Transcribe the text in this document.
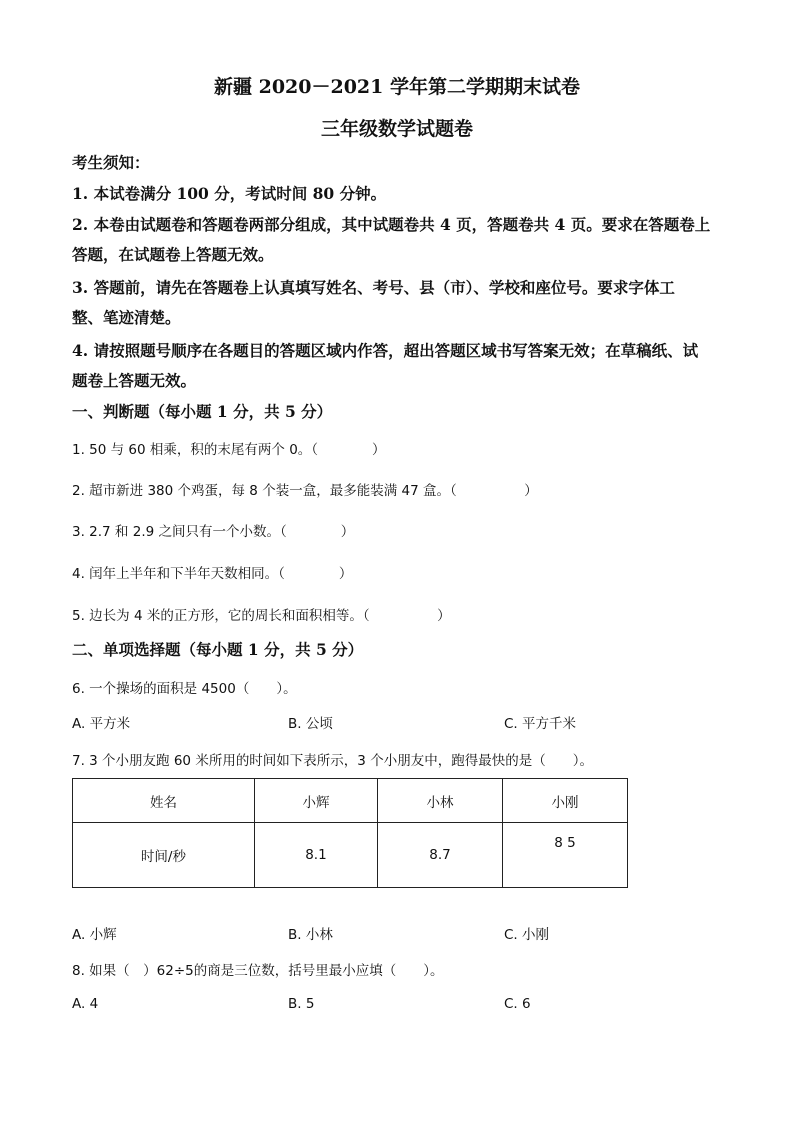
新疆 2020－2021 学年第二学期期末试卷
三年级数学试题卷
考生须知：
1. 本试卷满分 100 分，考试时间 80 分钟。
2. 本卷由试题卷和答题卷两部分组成，其中试题卷共 4 页，答题卷共 4 页。要求在答题卷上
答题，在试题卷上答题无效。
3. 答题前，请先在答题卷上认真填写姓名、考号、县（市）、学校和座位号。要求字体工
整、笔迹清楚。
4. 请按照题号顺序在各题目的答题区域内作答，超出答题区域书写答案无效；在草稿纸、试
题卷上答题无效。
一、判断题（每小题 1 分，共 5 分）
1. 50 与 60 相乘，积的末尾有两个 0。（　　　　）
2. 超市新进 380 个鸡蛋，每 8 个装一盒，最多能装满 47 盒。（　　　　　）
3. 2.7 和 2.9 之间只有一个小数。（　　　　）
4. 闰年上半年和下半年天数相同。（　　　　）
5. 边长为 4 米的正方形，它的周长和面积相等。（　　　　　）
二、单项选择题（每小题 1 分，共 5 分）
6. 一个操场的面积是 4500（　　）。
A. 平方米	B. 公顷	C. 平方千米
7. 3 个小朋友跑 60 米所用的时间如下表所示，3 个小朋友中，跑得最快的是（　　）。
姓名	小辉	小林	小刚
时间/秒	8.1	8.7	8 5
A. 小辉	B. 小林	C. 小刚
8. 如果（　 ）62÷5的商是三位数，括号里最小应填（　　）。
A. 4	B. 5	C. 6
